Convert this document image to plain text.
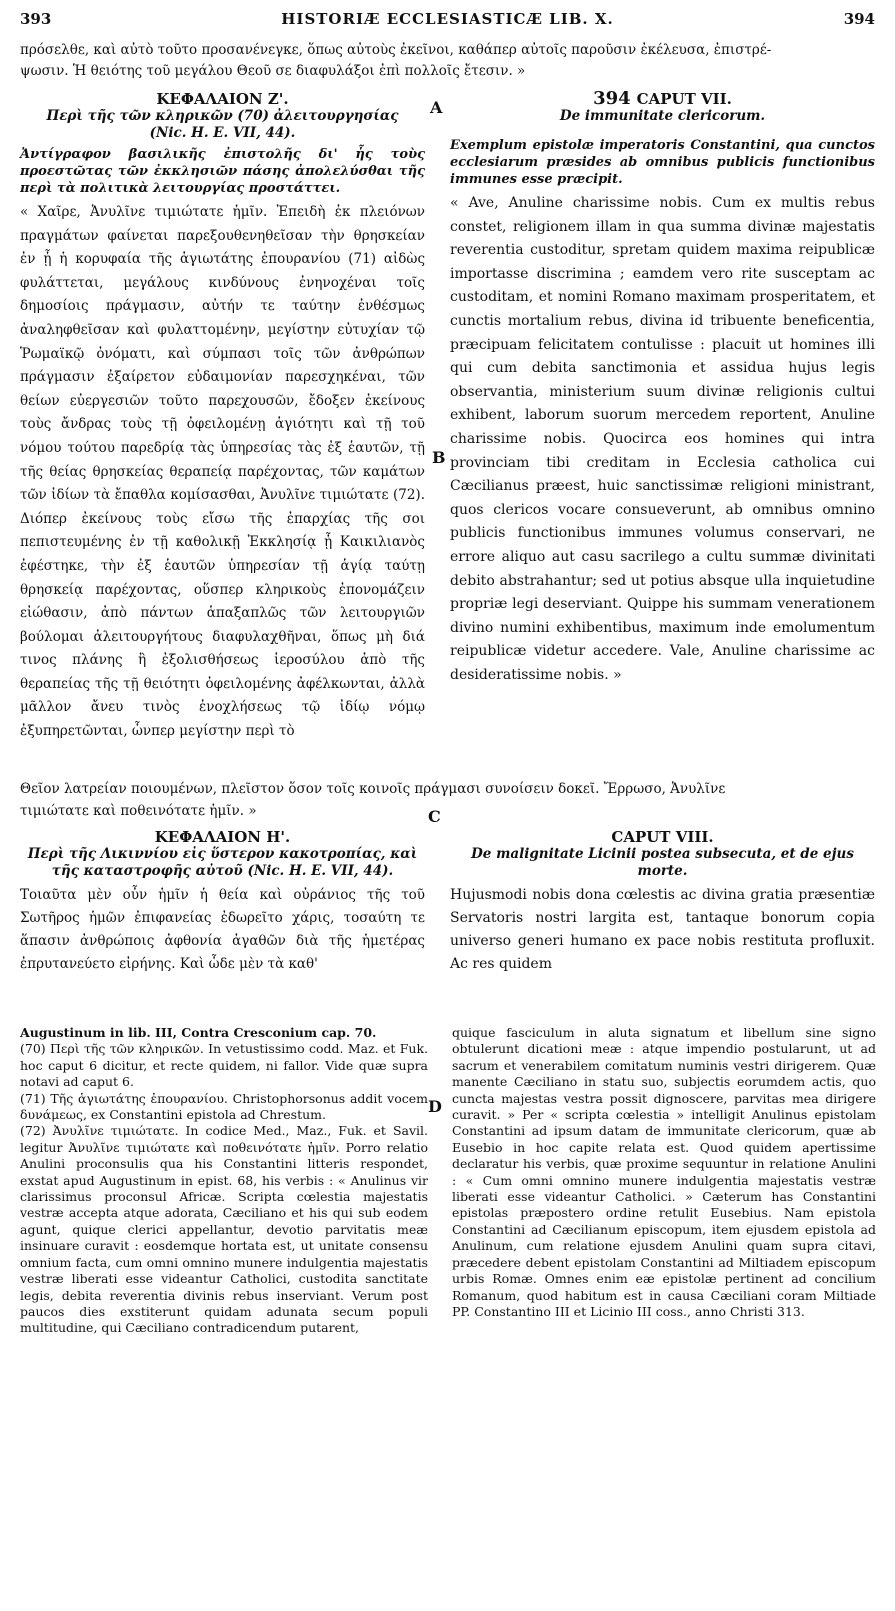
393	HISTORIÆ ECCLESIASTICÆ LIB. X.	394
πρόσελθε, καὶ αὐτὸ τοῦτο προσανένεγκε, ὅπως αὐτοὺς ἐκεῖνοι, καθάπερ αὐτοῖς παροῦσιν ἐκέλευσα, ἐπιστρέ-
ψωσιν. Ἡ θειότης τοῦ μεγάλου Θεοῦ σε διαφυλάξοι ἐπὶ πολλοῖς ἔτεσιν. »
ΚΕΦΑΛΑΙΟΝ Ζ'.
Περὶ τῆς τῶν κληρικῶν (70) ἀλειτουργησίας
(Nic. H. E. VII, 44).
Ἀντίγραφον βασιλικῆς ἐπιστολῆς δι' ἧς τοὺς προεστῶτας τῶν ἐκκλησιῶν πάσης ἀπολελύσθαι τῆς περὶ τὰ πολιτικὰ λειτουργίας προστάττει.
« Χαῖρε, Ἀνυλῖνε τιμιώτατε ἡμῖν. Ἐπειδὴ ἐκ πλειόνων πραγμάτων φαίνεται παρεξουθενηθεῖσαν τὴν θρησκείαν ἐν ᾗ ἡ κορυφαία τῆς ἁγιωτάτης ἐπουρανίου (71) αἰδὼς φυλάττεται, μεγάλους κινδύνους ἐνηνοχέναι τοῖς δημοσίοις πράγμασιν, αὐτήν τε ταύτην ἐνθέσμως ἀναληφθεῖσαν καὶ φυλαττομένην, μεγίστην εὐτυχίαν τῷ Ῥωμαϊκῷ ὀνόματι, καὶ σύμπασι τοῖς τῶν ἀνθρώπων πράγμασιν ἐξαίρετον εὐδαιμονίαν παρεσχηκέναι, τῶν θείων εὐεργεσιῶν τοῦτο παρεχουσῶν, ἔδοξεν ἐκείνους τοὺς ἄνδρας τοὺς τῇ ὀφειλομένῃ ἁγιότητι καὶ τῇ τοῦ νόμου τούτου παρεδρίᾳ τὰς ὑπηρεσίας τὰς ἐξ ἑαυτῶν, τῇ τῆς θείας θρησκείας θεραπείᾳ παρέχοντας, τῶν καμάτων τῶν ἰδίων τὰ ἔπαθλα κομίσασθαι, Ἀνυλῖνε τιμιώτατε (72). Διόπερ ἐκείνους τοὺς εἴσω τῆς ἐπαρχίας τῆς σοι πεπιστευμένης ἐν τῇ καθολικῇ Ἐκκλησίᾳ ᾗ Καικιλιανὸς ἐφέστηκε, τὴν ἐξ ἑαυτῶν ὑπηρεσίαν τῇ ἁγίᾳ ταύτῃ θρησκείᾳ παρέχοντας, οὕσπερ κληρικοὺς ἐπονομάζειν εἰώθασιν, ἀπὸ πάντων ἁπαξαπλῶς τῶν λειτουργιῶν βούλομαι ἀλειτουργήτους διαφυλαχθῆναι, ὅπως μὴ διά τινος πλάνης ἢ ἐξολισθήσεως ἱεροσύλου ἀπὸ τῆς θεραπείας τῆς τῇ θειότητι ὀφειλομένης ἀφέλκωνται, ἀλλὰ μᾶλλον ἄνευ τινὸς ἐνοχλήσεως τῷ ἰδίῳ νόμῳ ἐξυπηρετῶνται, ὧνπερ μεγίστην περὶ τὸ
A
B
C
D
394 CAPUT VII.
De immunitate clericorum.
Exemplum epistolæ imperatoris Constantini, qua cunctos ecclesiarum præsides ab omnibus publicis functionibus immunes esse præcipit.
« Ave, Anuline charissime nobis. Cum ex multis rebus constet, religionem illam in qua summa divinæ majestatis reverentia custoditur, spretam quidem maxima reipublicæ importasse discrimina ; eamdem vero rite susceptam ac custoditam, et nomini Romano maximam prosperitatem, et cunctis mortalium rebus, divina id tribuente beneficentia, præcipuam felicitatem contulisse : placuit ut homines illi qui cum debita sanctimonia et assidua hujus legis observantia, ministerium suum divinæ religionis cultui exhibent, laborum suorum mercedem reportent, Anuline charissime nobis. Quocirca eos homines qui intra provinciam tibi creditam in Ecclesia catholica cui Cæcilianus præest, huic sanctissimæ religioni ministrant, quos clericos vocare consueverunt, ab omnibus omnino publicis functionibus immunes volumus conservari, ne errore aliquo aut casu sacrilego a cultu summæ divinitati debito abstrahantur; sed ut potius absque ulla inquietudine propriæ legi deserviant. Quippe his summam venerationem divino numini exhibentibus, maximum inde emolumentum reipublicæ videtur accedere. Vale, Anuline charissime ac desideratissime nobis. »
Θεῖον λατρείαν ποιουμένων, πλεῖστον ὅσον τοῖς κοινοῖς πράγμασι συνοίσειν δοκεῖ. Ἔρρωσο, Ἀνυλῖνε
τιμιώτατε καὶ ποθεινότατε ἡμῖν. »
ΚΕΦΑΛΑΙΟΝ Η'.
Περὶ τῆς Λικιννίου εἰς ὕστερον κακοτροπίας, καὶ τῆς καταστροφῆς αὐτοῦ (Nic. H. E. VII, 44).
Τοιαῦτα μὲν οὖν ἡμῖν ἡ θεία καὶ οὐράνιος τῆς τοῦ Σωτῆρος ἡμῶν ἐπιφανείας ἐδωρεῖτο χάρις, τοσαύτη τε ἅπασιν ἀνθρώποις ἀφθονία ἀγαθῶν διὰ τῆς ἡμετέρας ἐπρυτανεύετο εἰρήνης. Καὶ ὧδε μὲν τὰ καθ'
CAPUT VIII.
De malignitate Licinii postea subsecuta, et de ejus morte.
Hujusmodi nobis dona cœlestis ac divina gratia præsentiæ Servatoris nostri largita est, tantaque bonorum copia universo generi humano ex pace nobis restituta profluxit. Ac res quidem

Augustinum in lib. III, Contra Cresconium cap. 70.

(70) Περὶ τῆς τῶν κληρικῶν. In vetustissimo codd. Maz. et Fuk. hoc caput 6 dicitur, et recte quidem, ni fallor. Vide quæ supra notavi ad caput 6.

(71) Τῆς ἁγιωτάτης ἐπουρανίου. Christophorsonus addit vocem δυνάμεως, ex Constantini epistola ad Chrestum.

(72) Ἀνυλῖνε τιμιώτατε. In codice Med., Maz., Fuk. et Savil. legitur Ἀνυλῖνε τιμιώτατε καὶ ποθεινότατε ἡμῖν. Porro relatio Anulini proconsulis qua his Constantini litteris respondet, exstat apud Augustinum in epist. 68, his verbis : « Anulinus vir clarissimus proconsul Africæ. Scripta cœlestia majestatis vestræ accepta atque adorata, Cæciliano et his qui sub eodem agunt, quique clerici appellantur, devotio parvitatis meæ insinuare curavit : eosdemque hortata est, ut unitate consensu omnium facta, cum omni omnino munere indulgentia majestatis vestræ liberati esse videantur Catholici, custodita sanctitate legis, debita reverentia divinis rebus inserviant. Verum post paucos dies exstiterunt quidam adunata secum populi multitudine, qui Cæciliano contradicendum putarent,

quique fasciculum in aluta signatum et libellum sine signo obtulerunt dicationi meæ : atque impendio postularunt, ut ad sacrum et venerabilem comitatum numinis vestri dirigerem. Quæ manente Cæciliano in statu suo, subjectis eorumdem actis, quo cuncta majestas vestra possit dignoscere, parvitas mea dirigere curavit. » Per « scripta cœlestia » intelligit Anulinus epistolam Constantini ad ipsum datam de immunitate clericorum, quæ ab Eusebio in hoc capite relata est. Quod quidem apertissime declaratur his verbis, quæ proxime sequuntur in relatione Anulini : « Cum omni omnino munere indulgentia majestatis vestræ liberati esse videantur Catholici. » Cæterum has Constantini epistolas præpostero ordine retulit Eusebius. Nam epistola Constantini ad Cæcilianum episcopum, item ejusdem epistola ad Anulinum, cum relatione ejusdem Anulini quam supra citavi, præcedere debent epistolam Constantini ad Miltiadem episcopum urbis Romæ. Omnes enim eæ epistolæ pertinent ad concilium Romanum, quod habitum est in causa Cæciliani coram Miltiade PP. Constantino III et Licinio III coss., anno Christi 313.
